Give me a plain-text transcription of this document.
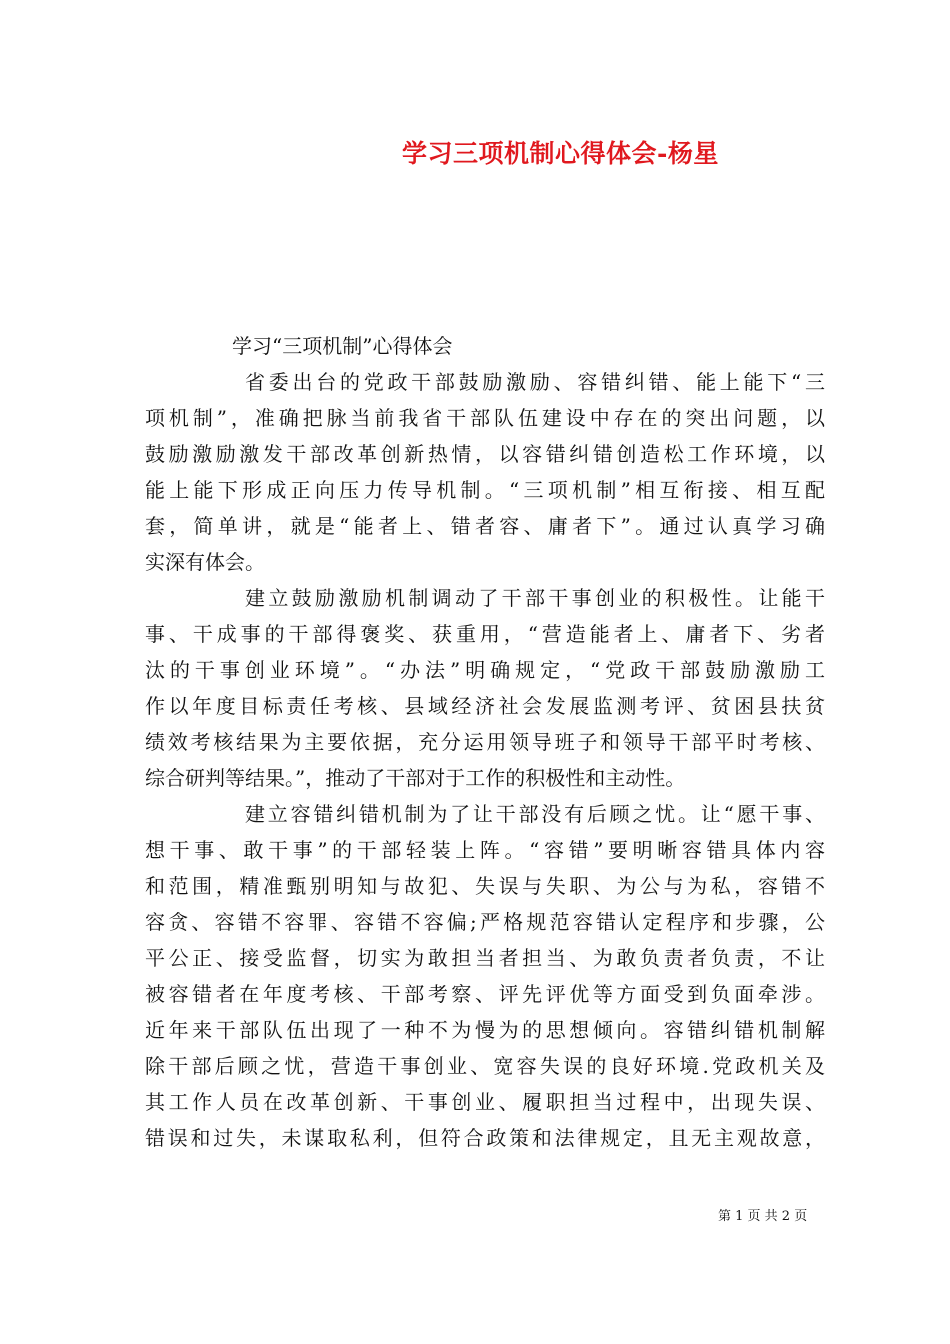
学习三项机制心得体会-杨星
学习“三项机制”心得体会

省委出台的党政干部鼓励激励、容错纠错、能上能下“三
项机制”，准确把脉当前我省干部队伍建设中存在的突出问题，以
鼓励激励激发干部改革创新热情，以容错纠错创造松工作环境，以
能上能下形成正向压力传导机制。“三项机制”相互衔接、相互配
套，简单讲，就是“能者上、错者容、庸者下”。通过认真学习确
实深有体会。

建立鼓励激励机制调动了干部干事创业的积极性。让能干
事、干成事的干部得褒奖、获重用，“营造能者上、庸者下、劣者
汰的干事创业环境”。“办法”明确规定，“党政干部鼓励激励工
作以年度目标责任考核、县域经济社会发展监测考评、贫困县扶贫
绩效考核结果为主要依据，充分运用领导班子和领导干部平时考核、
综合研判等结果。”，推动了干部对于工作的积极性和主动性。

建立容错纠错机制为了让干部没有后顾之忧。让“愿干事、
想干事、敢干事”的干部轻装上阵。“容错”要明晰容错具体内容
和范围，精准甄别明知与故犯、失误与失职、为公与为私，容错不
容贪、容错不容罪、容错不容偏;严格规范容错认定程序和步骤，公
平公正、接受监督，切实为敢担当者担当、为敢负责者负责，不让
被容错者在年度考核、干部考察、评先评优等方面受到负面牵涉。
近年来干部队伍出现了一种不为慢为的思想倾向。容错纠错机制解
除干部后顾之忧，营造干事创业、宽容失误的良好环境.党政机关及
其工作人员在改革创新、干事创业、履职担当过程中，出现失误、
错误和过失，未谋取私利，但符合政策和法律规定，且无主观故意，

第 1 页 共 2 页
